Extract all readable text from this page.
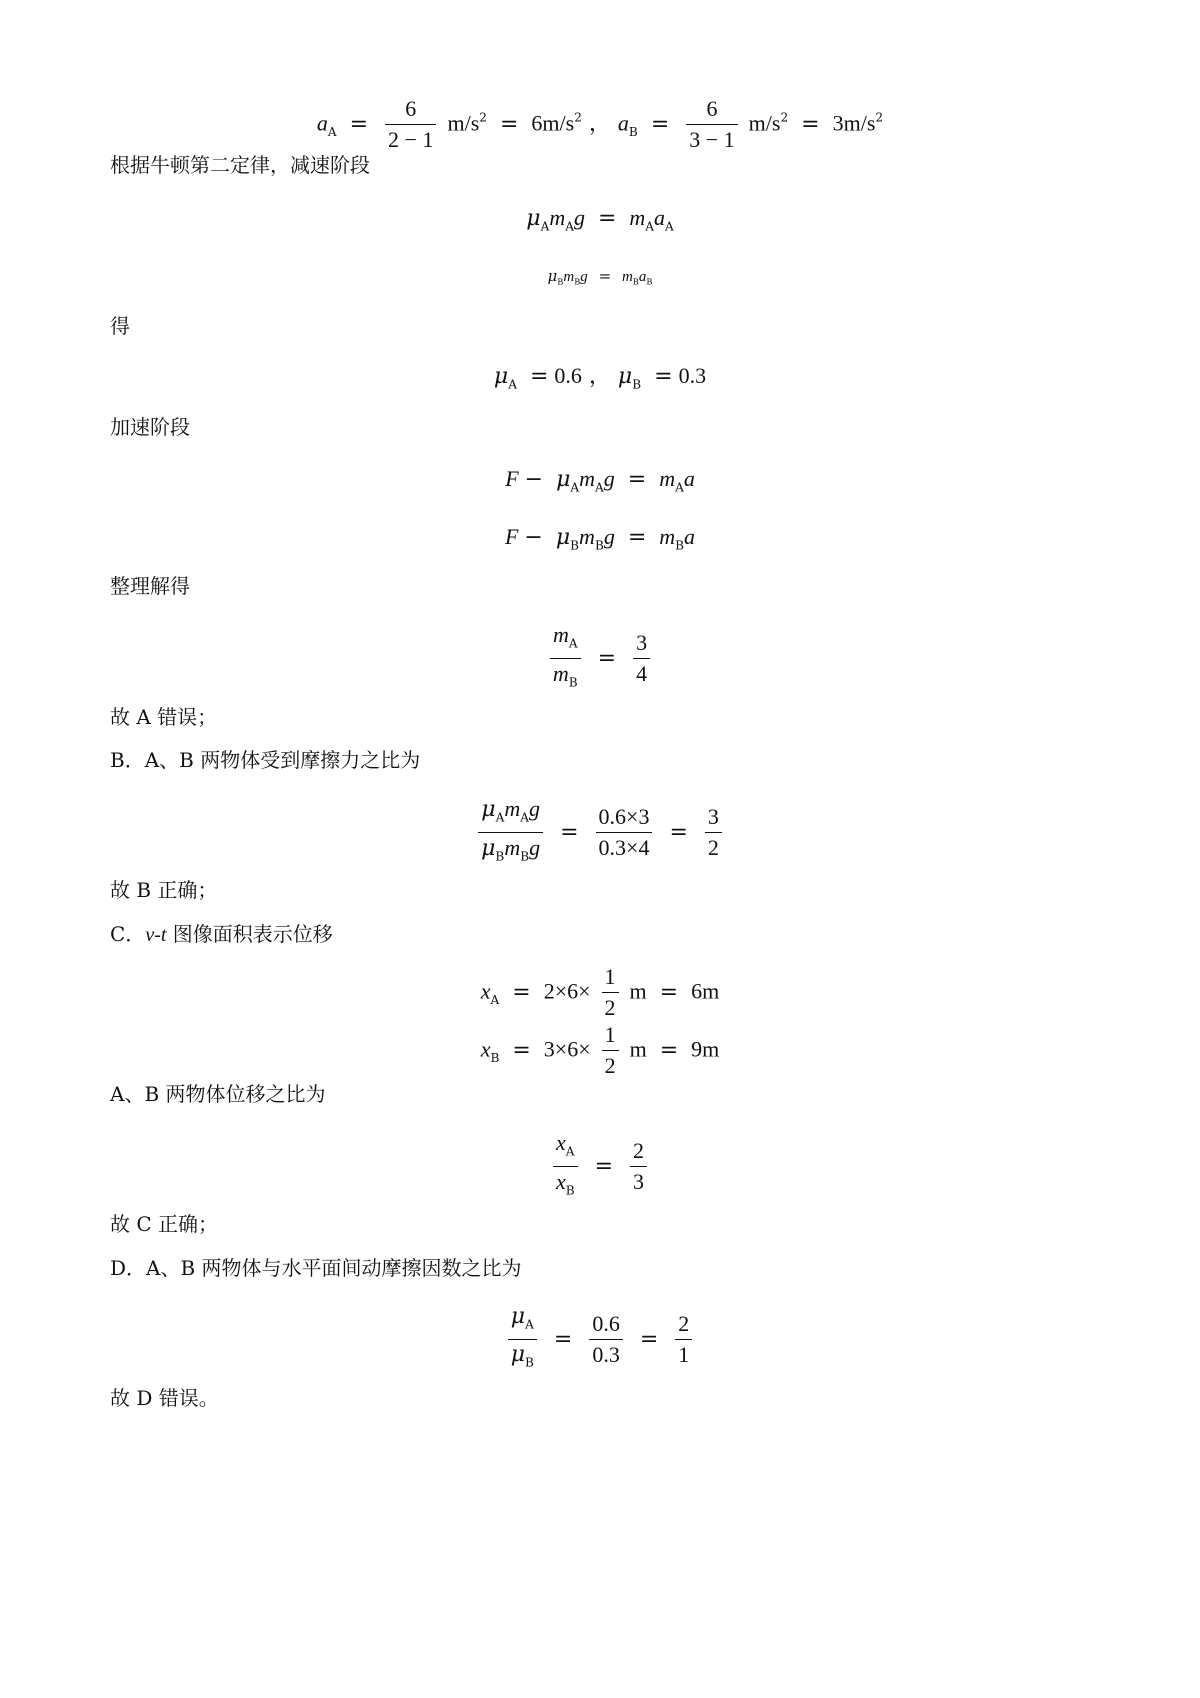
$a_A = \frac{6}{2 - 1} m/s^2 = 6m/s^2$ ， $a_B = \frac{6}{3 - 1} m/s^2 = 3m/s^2$
根据牛顿第二定律，减速阶段
$\mu_Am_Ag = m_Aa_A$
$\mu_Bm_Bg = m_Ba_B$
得
$\mu_A = 0.6$ ， $\mu_B = 0.3$
加速阶段
$F - \mu_Am_Ag = m_Aa$
$F - \mu_Bm_Bg = m_Ba$
整理解得
$\frac{m_A}{m_B} = \frac{3}{4}$
故 A 错误；
B．A、B 两物体受到摩擦力之比为
$\frac{\mu_Am_Ag}{\mu_Bm_Bg} = \frac{0.6\times 3}{0.3\times 4} = \frac{3}{2}$
故 B 正确；
C．v-t 图像面积表示位移
$x_A = 2\times 6\times \frac{1}{2}$ m = 6m
$x_B = 3\times 6\times \frac{1}{2}$ m = 9m
A、B 两物体位移之比为
$\frac{x_A}{x_B} = \frac{2}{3}$
故 C 正确；
D．A、B 两物体与水平面间动摩擦因数之比为
$\frac{\mu_A}{\mu_B} = \frac{0.6}{0.3} = \frac{2}{1}$
故 D 错误。
